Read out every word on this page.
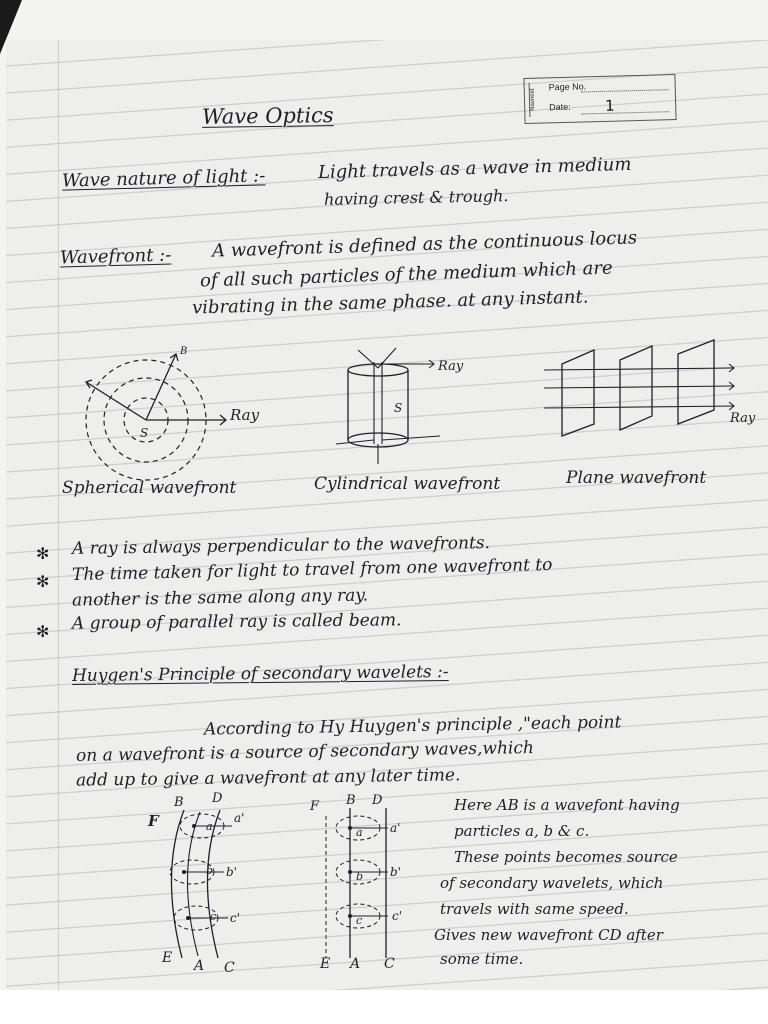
Navneet
Page No.
Date: 1
Wave Optics
Wave nature of light :-	Light travels as a wave in medium
having crest & trough.
Wavefront :- A wavefront is defined as the continuous locus
of all such particles of the medium which are
vibrating in the same phase. at any instant.
S
B
Ray	S
Ray
Ray
Spherical wavefront	Cylindrical wavefront	Plane wavefront
✻ A ray is always perpendicular to the wavefronts.
✻ The time taken for light to travel from one wavefront to
another is the same along any ray.
✻ A group of parallel ray is called beam.
Huygen's Principle of secondary wavelets :-
According to Hy Huygen's principle ,"each point
on a wavefront is a source of secondary waves,which
add up to give a wavefront at any later time.
B D
F	a
a'
b b'
c c'
E A C
F B D
a a'
b b'
c c'
E A C
Here AB is a wavefont having
particles a, b & c.
These points becomes source
of secondary wavelets, which
travels with same speed.
Gives new wavefront CD after
some time.
